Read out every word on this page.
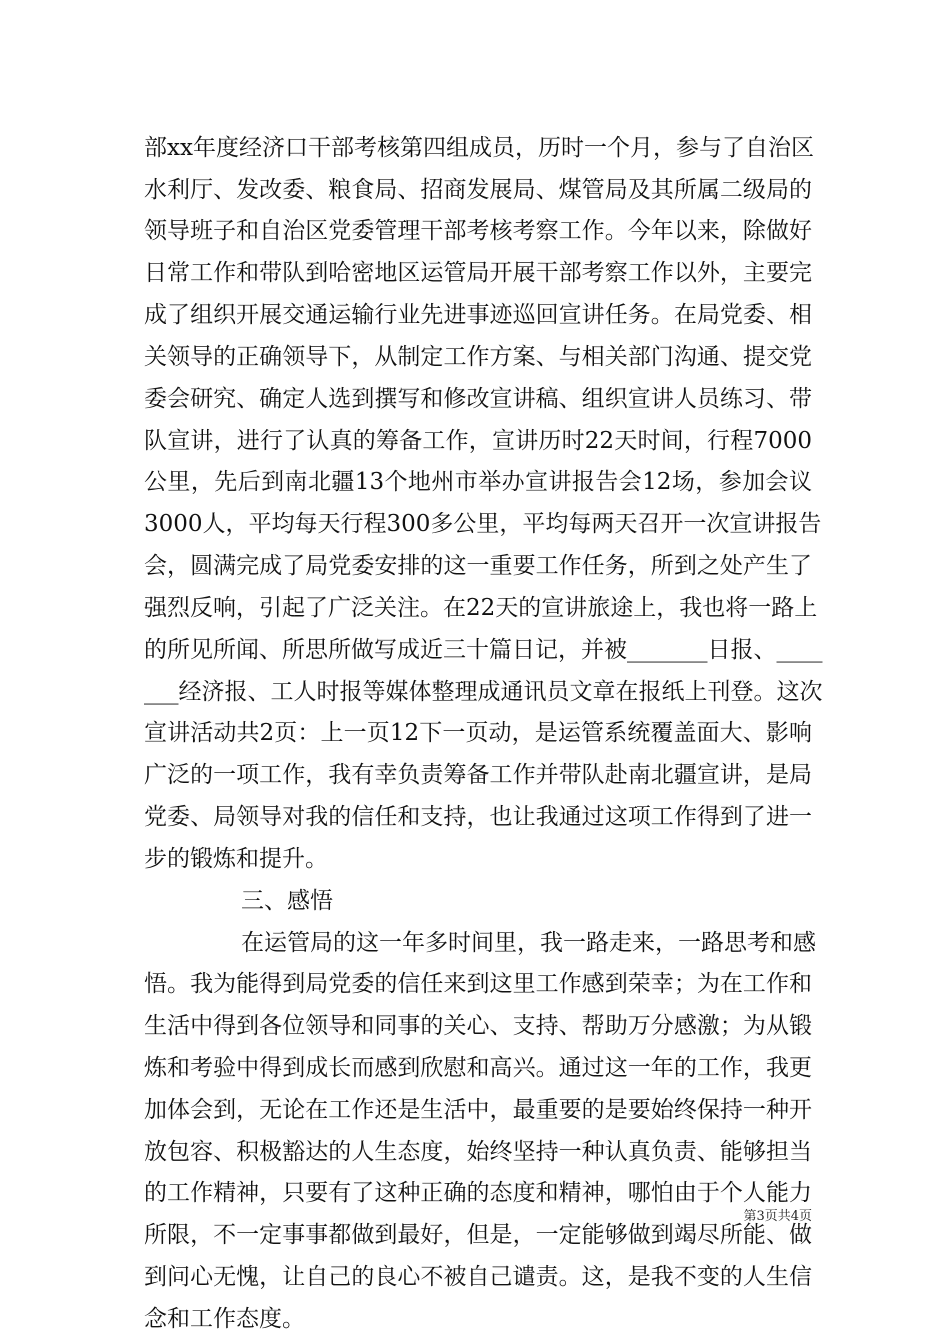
部xx年度经济口干部考核第四组成员，历时一个月，参与了自治区
水利厅、发改委、粮食局、招商发展局、煤管局及其所属二级局的
领导班子和自治区党委管理干部考核考察工作。今年以来，除做好
日常工作和带队到哈密地区运管局开展干部考察工作以外，主要完
成了组织开展交通运输行业先进事迹巡回宣讲任务。在局党委、相
关领导的正确领导下，从制定工作方案、与相关部门沟通、提交党
委会研究、确定人选到撰写和修改宣讲稿、组织宣讲人员练习、带
队宣讲，进行了认真的筹备工作，宣讲历时22天时间，行程7000
公里，先后到南北疆13个地州市举办宣讲报告会12场，参加会议
3000人，平均每天行程300多公里，平均每两天召开一次宣讲报告
会，圆满完成了局党委安排的这一重要工作任务，所到之处产生了
强烈反响，引起了广泛关注。在22天的宣讲旅途上，我也将一路上
的所见所闻、所思所做写成近三十篇日记，并被_______日报、____
___经济报、工人时报等媒体整理成通讯员文章在报纸上刊登。这次
宣讲活动共2页：上一页12下一页动，是运管系统覆盖面大、影响
广泛的一项工作，我有幸负责筹备工作并带队赴南北疆宣讲，是局
党委、局领导对我的信任和支持，也让我通过这项工作得到了进一
步的锻炼和提升。
三、感悟
在运管局的这一年多时间里，我一路走来，一路思考和感
悟。我为能得到局党委的信任来到这里工作感到荣幸；为在工作和
生活中得到各位领导和同事的关心、支持、帮助万分感激；为从锻
炼和考验中得到成长而感到欣慰和高兴。通过这一年的工作，我更
加体会到，无论在工作还是生活中，最重要的是要始终保持一种开
放包容、积极豁达的人生态度，始终坚持一种认真负责、能够担当
的工作精神，只要有了这种正确的态度和精神，哪怕由于个人能力
所限，不一定事事都做到最好，但是，一定能够做到竭尽所能、做
到问心无愧，让自己的良心不被自己谴责。这，是我不变的人生信
念和工作态度。
第3页共4页
